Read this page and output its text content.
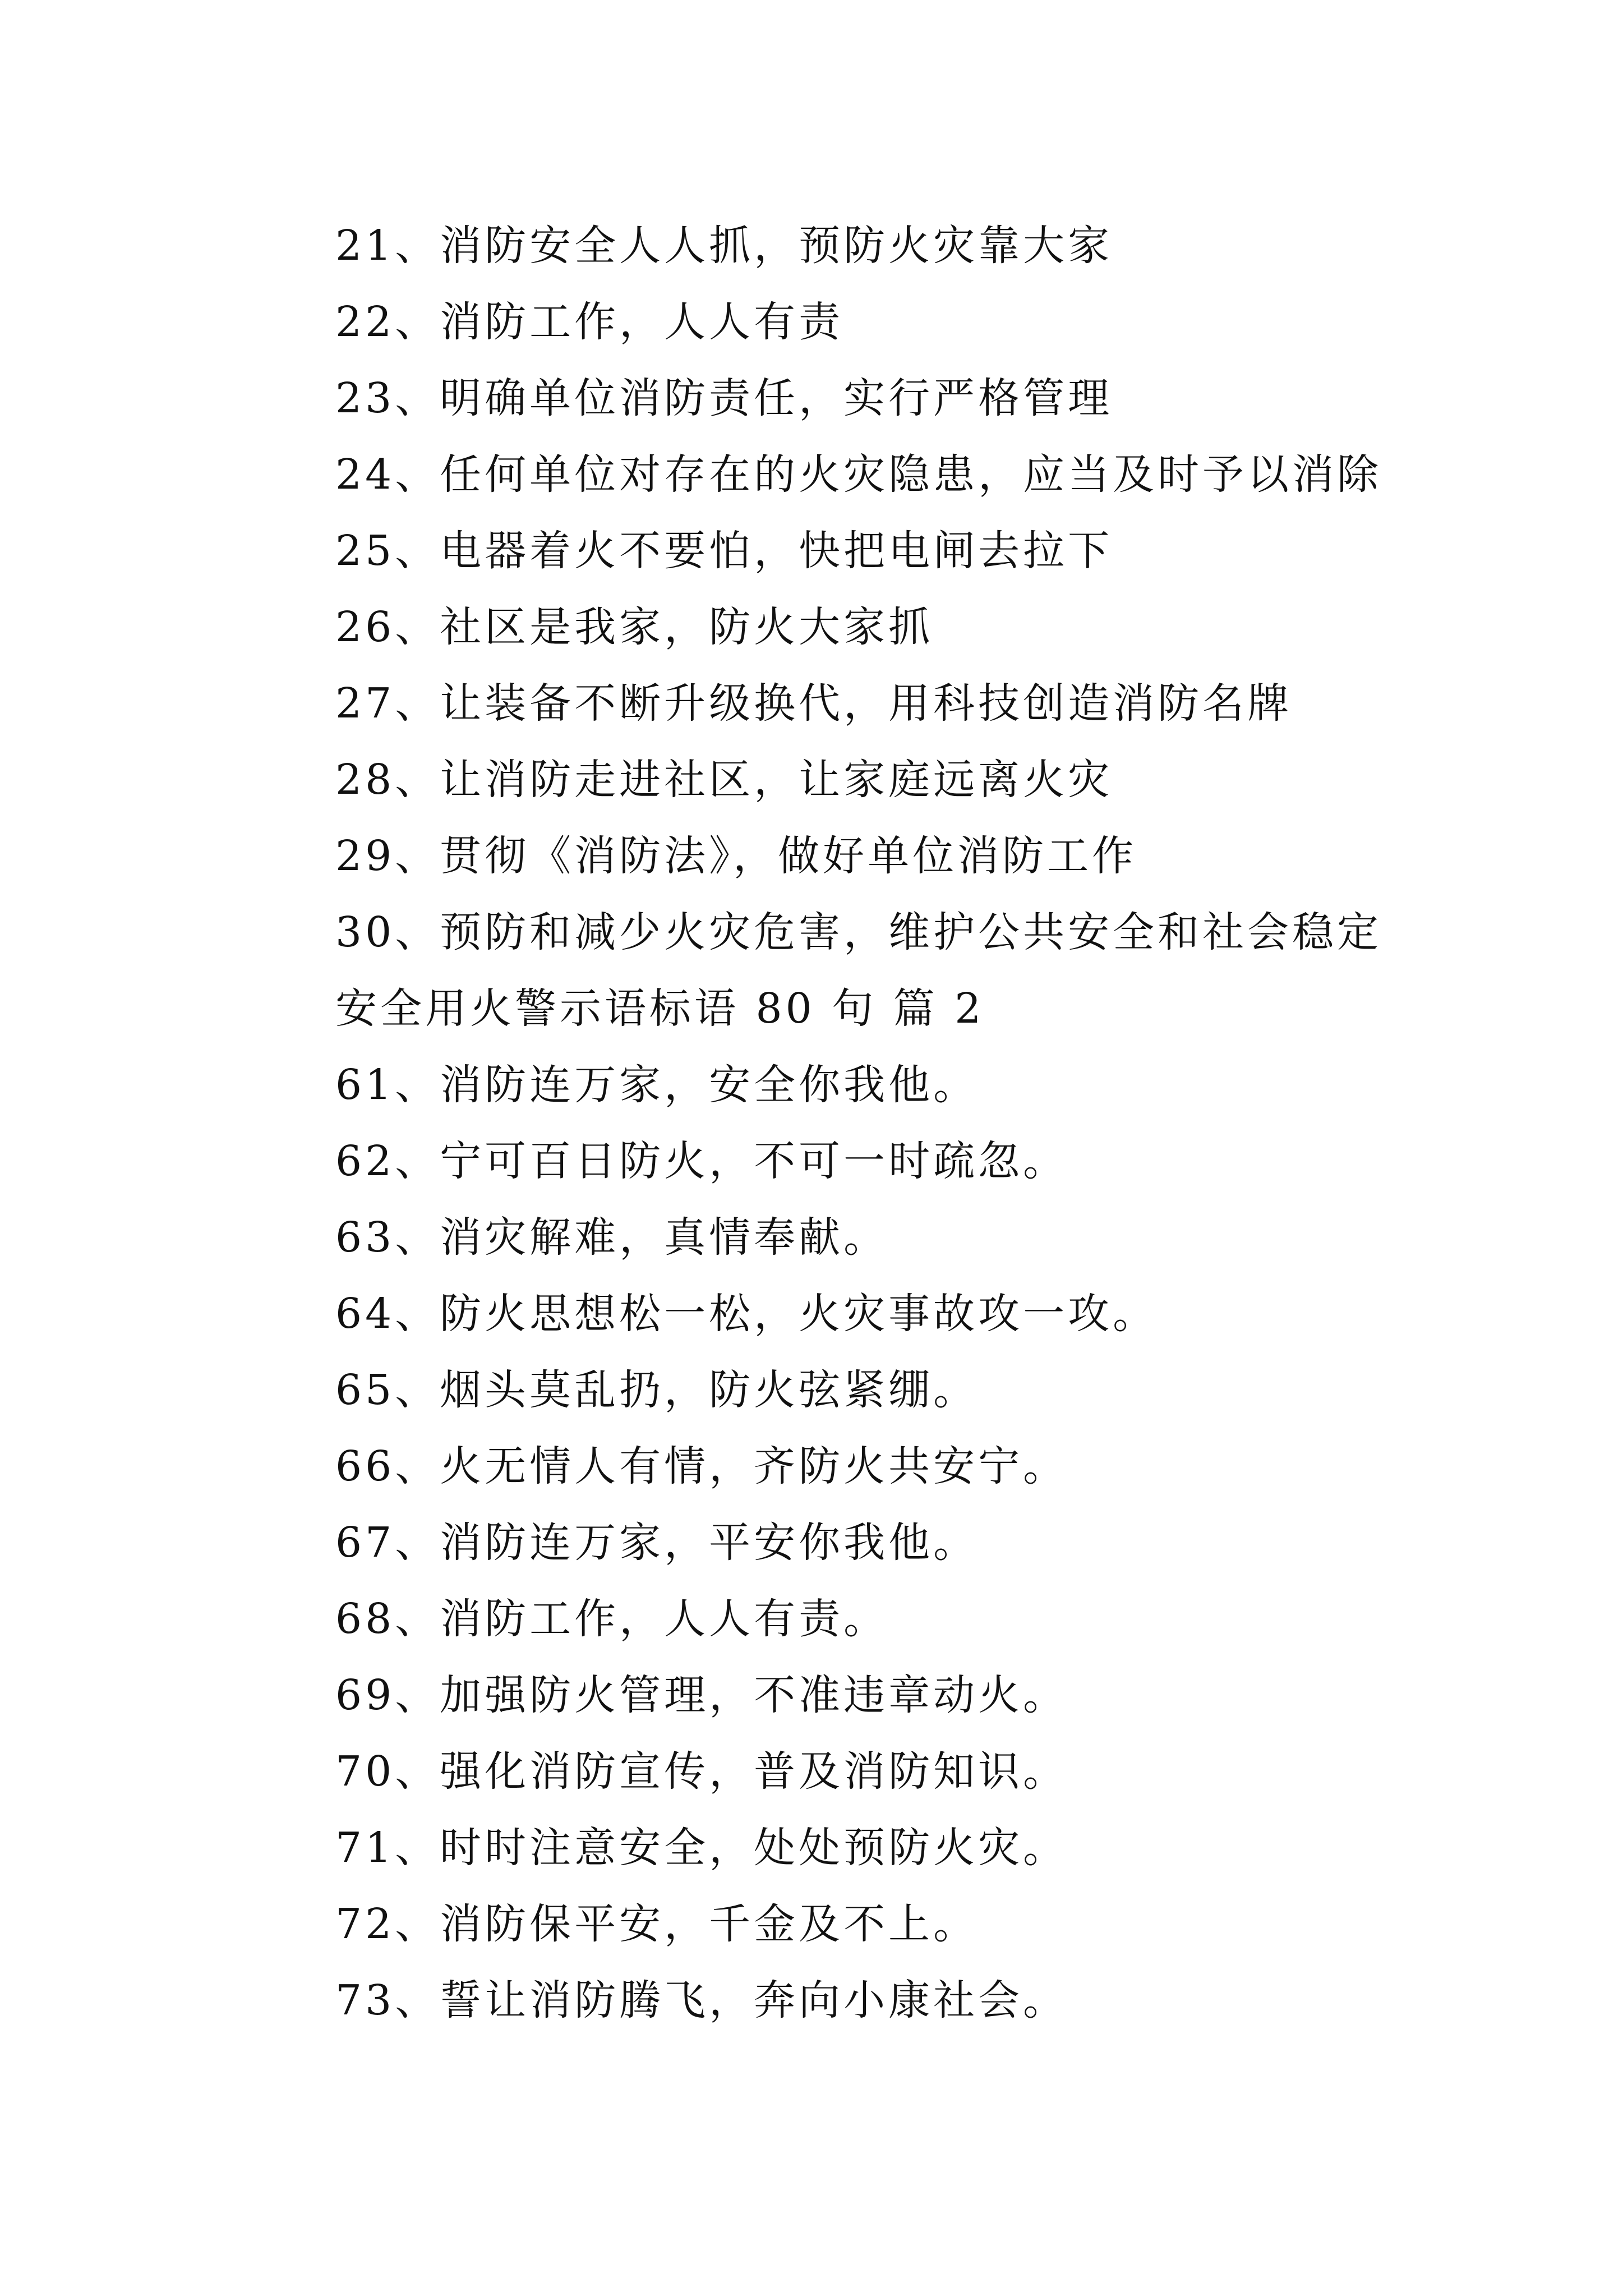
21、消防安全人人抓，预防火灾靠大家
22、消防工作，人人有责
23、明确单位消防责任，实行严格管理
24、任何单位对存在的火灾隐患，应当及时予以消除
25、电器着火不要怕，快把电闸去拉下
26、社区是我家，防火大家抓
27、让装备不断升级换代，用科技创造消防名牌
28、让消防走进社区，让家庭远离火灾
29、贯彻《消防法》，做好单位消防工作
30、预防和减少火灾危害，维护公共安全和社会稳定
安全用火警示语标语 80 句 篇 2
61、消防连万家，安全你我他。
62、宁可百日防火，不可一时疏忽。
63、消灾解难，真情奉献。
64、防火思想松一松，火灾事故攻一攻。
65、烟头莫乱扔，防火弦紧绷。
66、火无情人有情，齐防火共安宁。
67、消防连万家，平安你我他。
68、消防工作，人人有责。
69、加强防火管理，不准违章动火。
70、强化消防宣传，普及消防知识。
71、时时注意安全，处处预防火灾。
72、消防保平安，千金及不上。
73、誓让消防腾飞，奔向小康社会。
